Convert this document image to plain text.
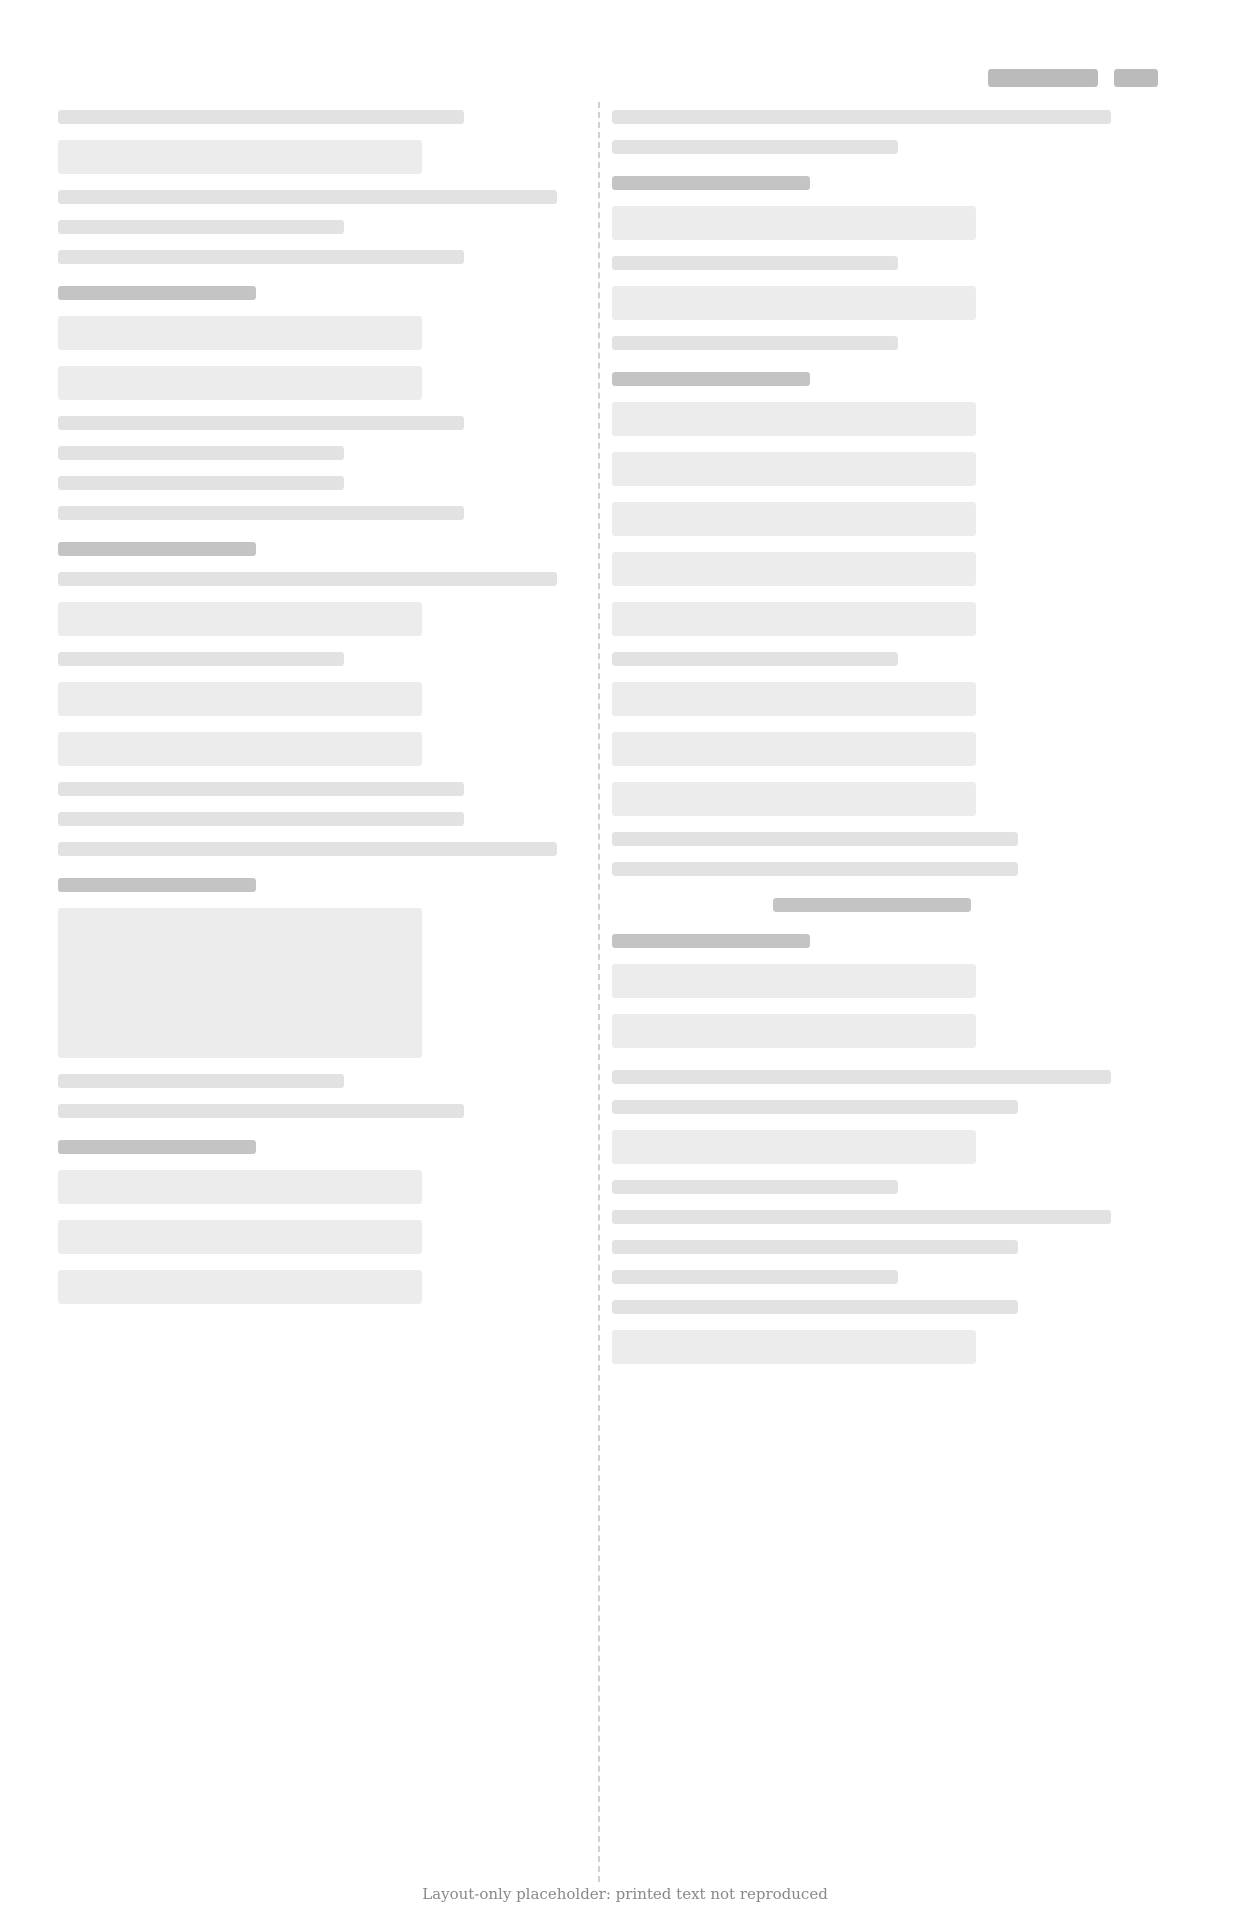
Layout-only placeholder: printed text not reproduced
